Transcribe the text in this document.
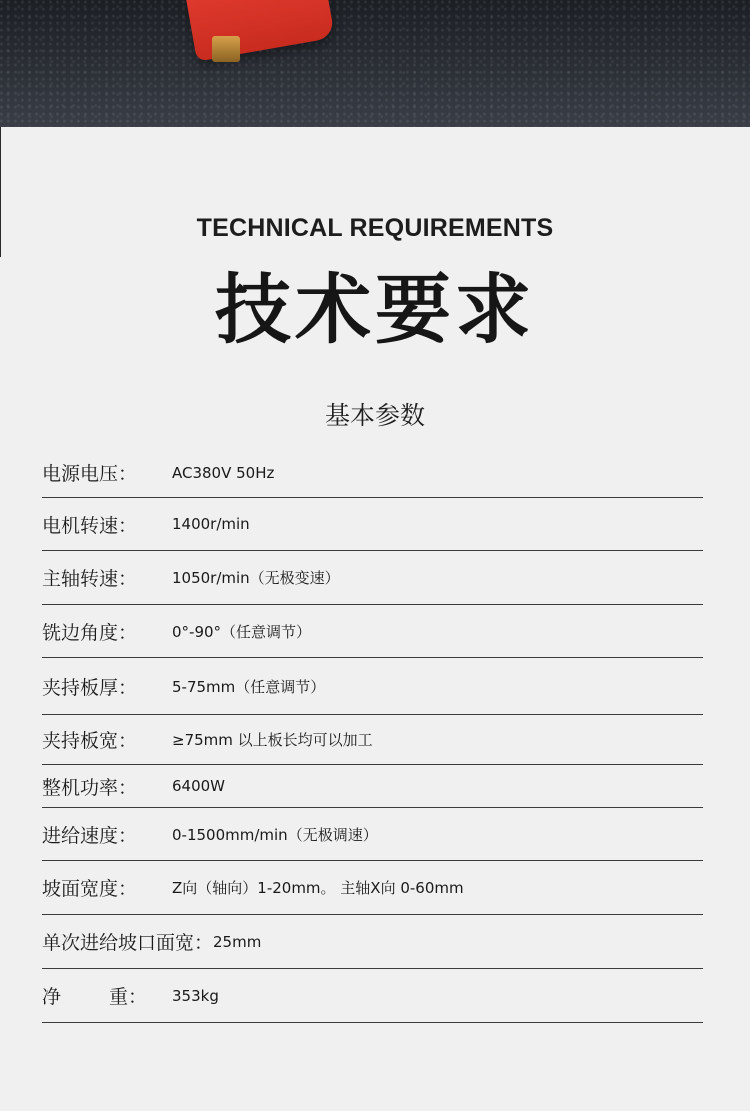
TECHNICAL REQUIREMENTS
技术要求
基本参数
电源电压：	AC380V 50Hz
电机转速：	1400r/min
主轴转速：	1050r/min（无极变速）
铣边角度：	0°-90°（任意调节）
夹持板厚：	5-75mm（任意调节）
夹持板宽：	≥75mm 以上板长均可以加工
整机功率：	6400W
进给速度：	0-1500mm/min（无极调速）
坡面宽度：	Z向（轴向）1-20mm。 主轴X向 0-60mm
单次进给坡口面宽： 25mm
净	重：	353kg
